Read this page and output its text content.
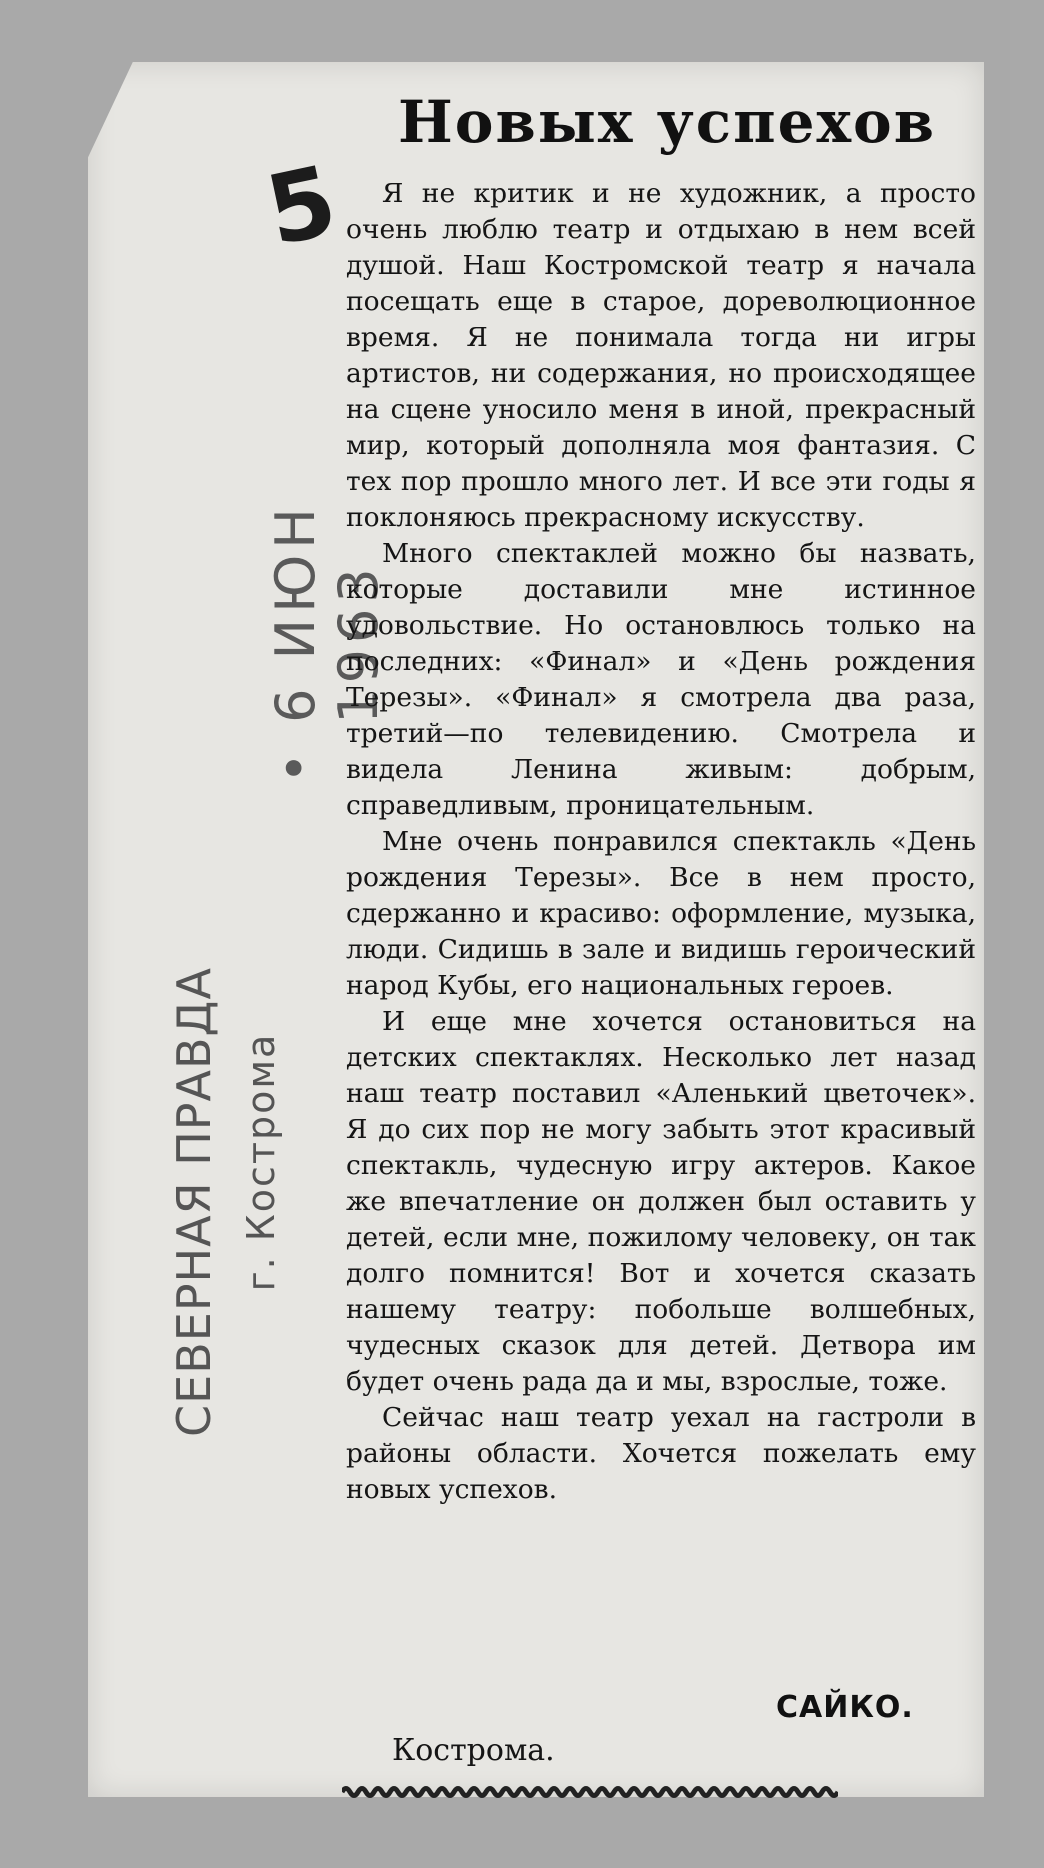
5
• 6 ИЮН 1963
СЕВЕРНАЯ ПРАВДА г. Кострома
Новых успехов

Я не критик и не художник, а просто очень люблю театр и отдыхаю в нем всей душой. Наш Костромской театр я начала посещать еще в старое, дореволюционное время. Я не понимала тогда ни игры артистов, ни содержания, но происходящее на сцене уносило меня в иной, прекрасный мир, который дополняла моя фантазия. С тех пор прошло много лет. И все эти годы я поклоняюсь прекрасному искусству.

Много спектаклей можно бы назвать, которые доставили мне истинное удовольствие. Но остановлюсь только на последних: «Финал» и «День рождения Терезы». «Финал» я смотрела два раза, третий—по телевидению. Смотрела и видела Ленина живым: добрым, справедливым, проницательным.

Мне очень понравился спектакль «День рождения Терезы». Все в нем просто, сдержанно и красиво: оформление, музыка, люди. Сидишь в зале и видишь героический народ Кубы, его национальных героев.

И еще мне хочется остановиться на детских спектаклях. Несколько лет назад наш театр поставил «Аленький цветочек». Я до сих пор не могу забыть этот красивый спектакль, чудесную игру актеров. Какое же впечатление он должен был оставить у детей, если мне, пожилому человеку, он так долго помнится! Вот и хочется сказать нашему театру: побольше волшебных, чудесных сказок для детей. Детвора им будет очень рада да и мы, взрослые, тоже.

Сейчас наш театр уехал на гастроли в районы области. Хочется пожелать ему новых успехов.

САЙКО.
Кострома.
